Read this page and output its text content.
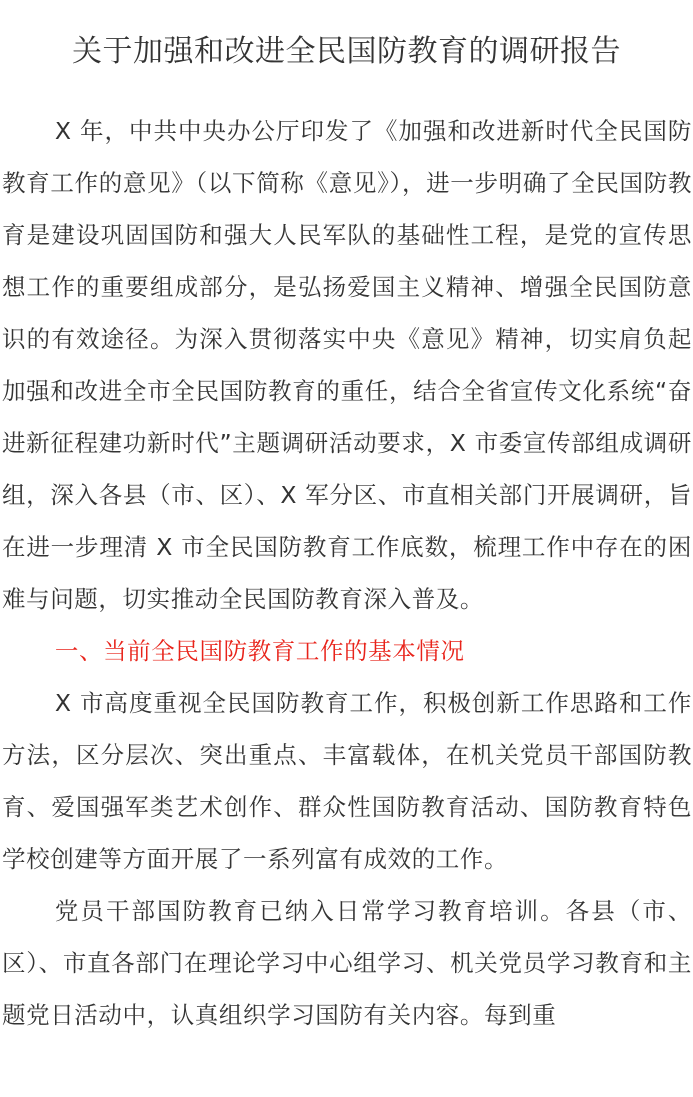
关于加强和改进全民国防教育的调研报告

X 年，中共中央办公厅印发了《加强和改进新时代全民国防教育工作的意见》（以下简称《意见》），进一步明确了全民国防教育是建设巩固国防和强大人民军队的基础性工程，是党的宣传思想工作的重要组成部分，是弘扬爱国主义精神、增强全民国防意识的有效途径。为深入贯彻落实中央《意见》精神，切实肩负起加强和改进全市全民国防教育的重任，结合全省宣传文化系统“奋进新征程建功新时代”主题调研活动要求，X 市委宣传部组成调研组，深入各县（市、区）、X 军分区、市直相关部门开展调研，旨在进一步理清 X 市全民国防教育工作底数，梳理工作中存在的困难与问题，切实推动全民国防教育深入普及。

一、当前全民国防教育工作的基本情况

X 市高度重视全民国防教育工作，积极创新工作思路和工作方法，区分层次、突出重点、丰富载体，在机关党员干部国防教育、爱国强军类艺术创作、群众性国防教育活动、国防教育特色学校创建等方面开展了一系列富有成效的工作。

党员干部国防教育已纳入日常学习教育培训。各县（市、区）、市直各部门在理论学习中心组学习、机关党员学习教育和主题党日活动中，认真组织学习国防有关内容。每到重
